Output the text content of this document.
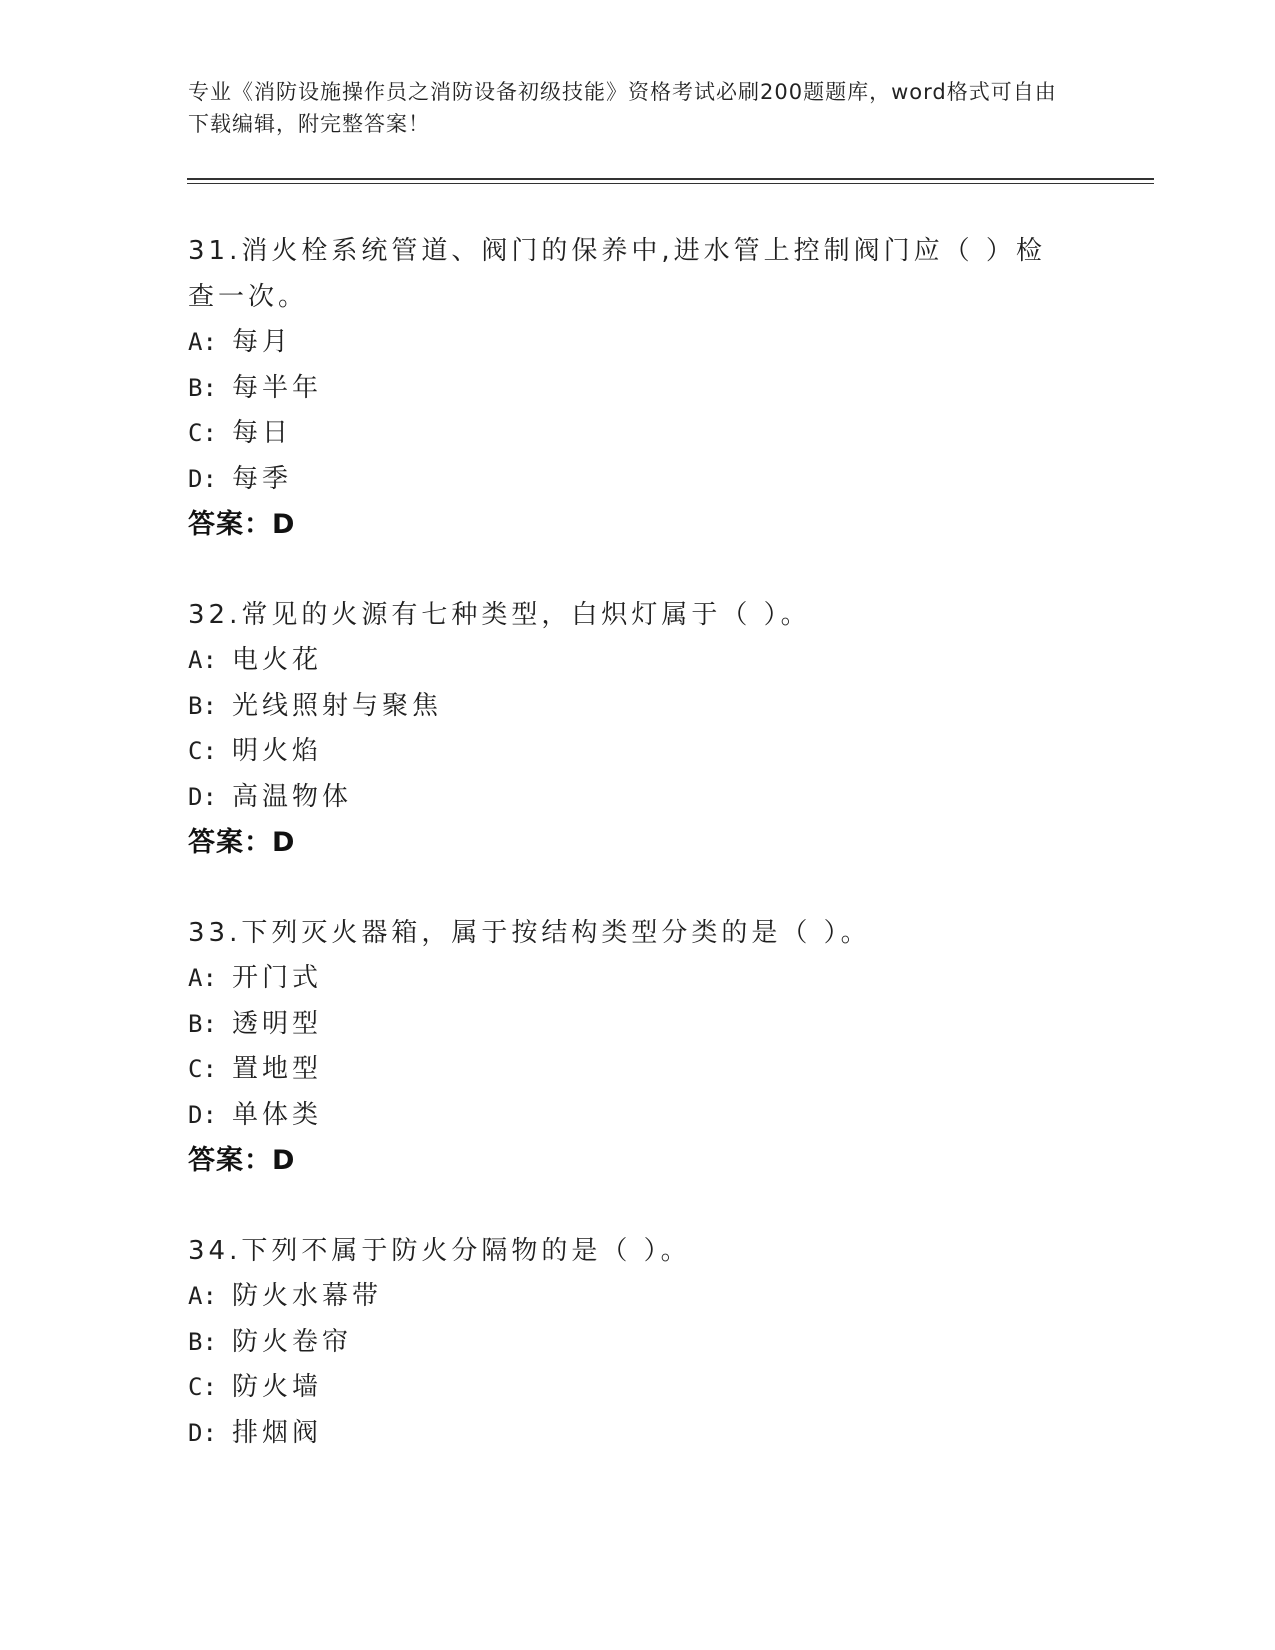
专业《消防设施操作员之消防设备初级技能》资格考试必刷200题题库，word格式可自由下载编辑，附完整答案！
31.消火栓系统管道、阀门的保养中,进水管上控制阀门应（ ）检查一次。
A: 每月
B: 每半年
C: 每日
D: 每季
答案：D
32.常见的火源有七种类型，白炽灯属于（ ）。
A: 电火花
B: 光线照射与聚焦
C: 明火焰
D: 高温物体
答案：D
33.下列灭火器箱，属于按结构类型分类的是（ ）。
A: 开门式
B: 透明型
C: 置地型
D: 单体类
答案：D
34.下列不属于防火分隔物的是（ ）。
A: 防火水幕带
B: 防火卷帘
C: 防火墙
D: 排烟阀
